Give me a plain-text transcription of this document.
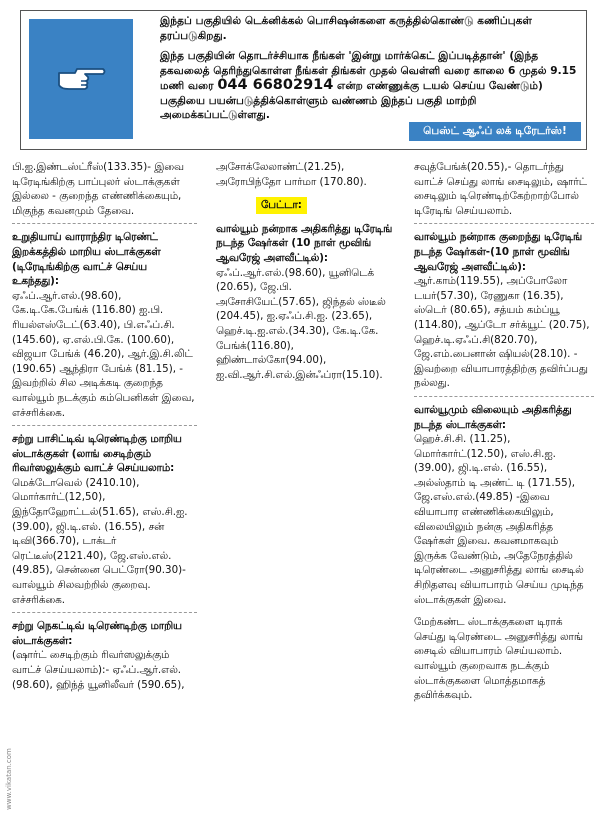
இந்தப் பகுதியில் டெக்னிக்கல் பொசிஷன்களை கருத்தில்கொண்டு கணிப்புகள் தரப்படுகிறது.

இந்த பகுதியின் தொடர்ச்சியாக நீங்கள் 'இன்று மார்க்கெட் இப்படித்தான்' (இந்த தகவலைத் தெரிந்துகொள்ள நீங்கள் திங்கள் முதல் வெள்ளி வரை காலை 6 முதல் 9.15 மணி வரை 044 66802914 என்ற எண்ணுக்கு டயல் செய்ய வேண்டும்) பகுதியை பயன்படுத்திக்கொள்ளும் வண்ணம் இந்தப் பகுதி மாற்றி அமைக்கப்பட்டுள்ளது.

பெஸ்ட் ஆஃப் லக் டிரேடர்ஸ்!

பி.ஐ.இண்டஸ்ட்ரீஸ்(133.35)- இவை டிரேடிங்கிற்கு பாப்புலர் ஸ்டாக்குகள் இல்லை - குறைந்த எண்ணிக்கையும், மிகுந்த கவனமும் தேவை.

உறுதியாய் வாராந்திர டிரெண்ட் இறக்கத்தில் மாறிய ஸ்டாக்குகள் (டிரேடிங்கிற்கு வாட்ச் செய்ய உகந்தது):

ஏஃப்.ஆர்.எல்.(98.60), கே.டி.கே.பேங்க் (116.80) ஐ.பி. ரியல்எஸ்டேட்(63.40), பி.எஃப்.சி.(145.60), ஏ.எல்.பி.கே. (100.60), விஜயா பேங்க் (46.20), ஆர்.இ.சி.லிட் (190.65) ஆந்திரா பேங்க் (81.15), - இவற்றில் சில அடிக்கடி குறைந்த வால்யூம் நடக்கும் கம்பெனிகள் இவை, எச்சரிக்கை.

சற்று பாசிட்டிவ் டிரெண்டிற்கு மாறிய ஸ்டாக்குகள் (லாங் சைடிற்கும் ரிவர்ஸலுக்கும் வாட்ச் செய்யலாம்:

மெக்டோவெல் (2410.10), மொர்கார்ட்(12,50), இந்தோஹோட்டல்(51.65), எஸ்.சி.ஐ.(39.00), ஜி.டி.எல். (16.55), சன் டிவி(366.70), டாக்டர் ரெட்டீஸ்(2121.40), ஜே.எஸ்.எல்.(49.85), சென்னை பெட்ரோ(90.30)- வால்யூம் சிலவற்றில் குறைவு. எச்சரிக்கை.

சற்று நெகட்டிவ் டிரெண்டிற்கு மாறிய ஸ்டாக்குகள்:

(ஷார்ட் சைடிற்கும் ரிவர்ஸலுக்கும் வாட்ச் செய்யலாம்):- ஏஃப்.ஆர்.எல். (98.60), ஹிந்த் யூனிலீவர் (590.65),

அசோக்லேலாண்ட்(21.25), அரோபிந்தோ பார்மா (170.80).

பேட்டா:

வால்யூம் நன்றாக அதிகரித்து டிரேடிங் நடந்த ஷேர்கள் (10 நாள் மூவிங் ஆவரேஜ் அளவீட்டில்):

ஏஃப்.ஆர்.எல்.(98.60), யூனிடெக் (20.65), ஜே.பி. அசோசியேட்(57.65), ஜிந்தல் ஸ்டீல் (204.45), ஐ.ஏஃப்.சி.ஐ. (23.65), ஹெச்.டி.ஐ.எல்.(34.30), கே.டி.கே. பேங்க்(116.80), ஹிண்டால்கோ(94.00), ஐ.வி.ஆர்.சி.எல்.இன்ஃப்ரா(15.10).

சவுத்பேங்க்(20.55),- தொடர்ந்து வாட்ச் செய்து லாங் சைடிலும், ஷார்ட் சைடிலும் டிரெண்டிற்கேற்றாற்போல் டிரேடிங் செய்யலாம்.

வால்யூம் நன்றாக குறைந்து டிரேடிங் நடந்த ஷேர்கள்-(10 நாள் மூவிங் ஆவரேஜ் அளவீட்டில்):

ஆர்.காம்(119.55), அப்போலோ டயர்(57.30), ரேணுகா (16.35), ஸ்டெர் (80.65), சத்யம் கம்ப்யூ (114.80), ஆப்டோ சர்க்யூட் (20.75), ஹெச்.டி.ஏஃப்.சி(820.70), ஜே.எம்.பைனான் ஷியல்(28.10). - இவற்றை வியாபாரத்திற்கு தவிர்ப்பது நல்லது.

வால்யூமும் விலையும் அதிகரித்து நடந்த ஸ்டாக்குகள்:

ஹெச்.சி.சி. (11.25), மொர்கார்ட்(12.50), எஸ்.சி.ஐ. (39.00), ஜி.டி.எல். (16.55), அல்ஸ்தாம் டி அண்ட் டி (171.55), ஜே.எஸ்.எல்.(49.85) -இவை வியாபார எண்ணிக்கையிலும், விலையிலும் நன்கு அதிகரித்த ஷேர்கள் இவை. கவனமாகவும் இருக்க வேண்டும், அதேநேரத்தில் டிரெண்டை அனுசரித்து லாங் சைடில் சிறிதளவு வியாபாரம் செய்ய முடிந்த ஸ்டாக்குகள் இவை.

மேற்கண்ட ஸ்டாக்குகளை டிராக் செய்து டிரெண்டை அனுசரித்து லாங் சைடில் வியாபாரம் செய்யலாம். வால்யூம் குறைவாக நடக்கும் ஸ்டாக்குகளை மொத்தமாகத் தவிர்க்கவும்.

www.vikatan.com
